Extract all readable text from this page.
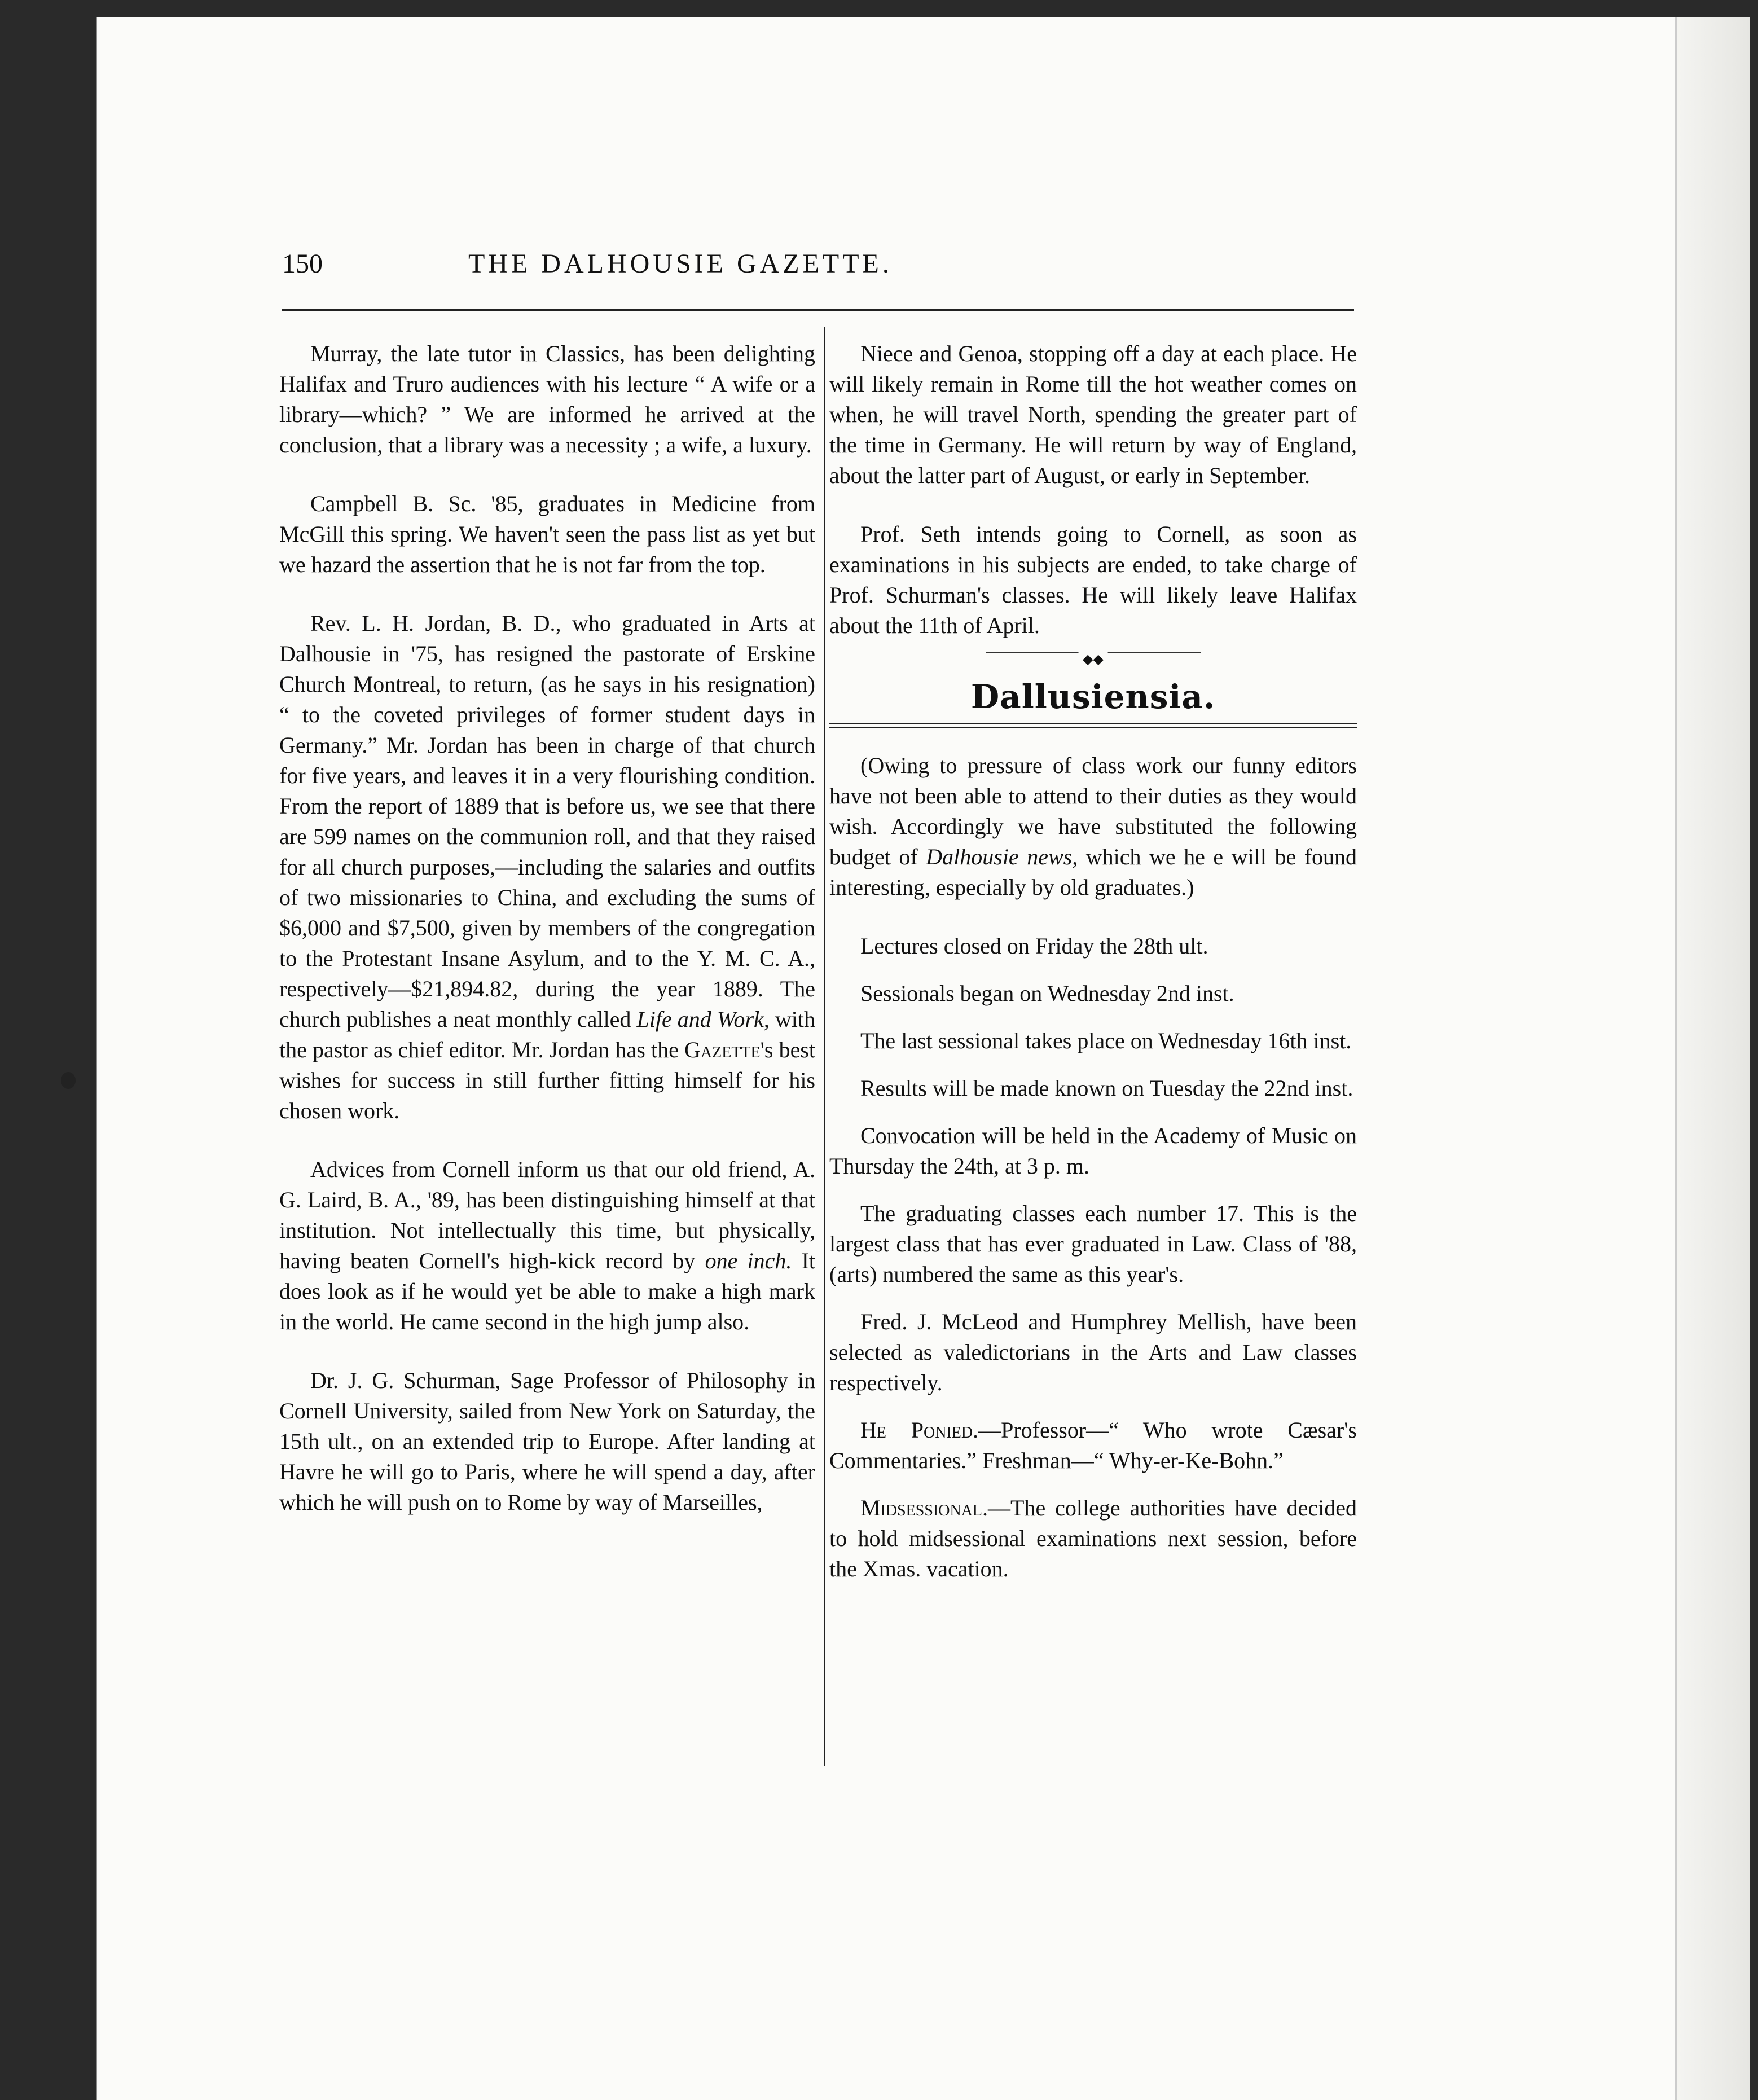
150	THE DALHOUSIE GAZETTE.

Murray, the late tutor in Classics, has been delighting Halifax and Truro audiences with his lecture “ A wife or a library—which? ” We are informed he arrived at the conclusion, that a library was a necessity ; a wife, a luxury.

Campbell B. Sc. '85, graduates in Medicine from McGill this spring. We haven't seen the pass list as yet but we hazard the assertion that he is not far from the top.

Rev. L. H. Jordan, B. D., who graduated in Arts at Dalhousie in '75, has resigned the pastorate of Erskine Church Montreal, to return, (as he says in his resignation) “ to the coveted privileges of former student days in Germany.” Mr. Jordan has been in charge of that church for five years, and leaves it in a very flourishing condition. From the report of 1889 that is before us, we see that there are 599 names on the communion roll, and that they raised for all church purposes,—including the salaries and outfits of two missionaries to China, and excluding the sums of $6,000 and $7,500, given by members of the congregation to the Protestant Insane Asylum, and to the Y. M. C. A., respectively—$21,894.82, during the year 1889. The church publishes a neat monthly called Life and Work, with the pastor as chief editor. Mr. Jordan has the Gazette's best wishes for success in still further fitting himself for his chosen work.

Advices from Cornell inform us that our old friend, A. G. Laird, B. A., '89, has been distinguishing himself at that institution. Not intellectually this time, but physically, having beaten Cornell's high-kick record by one inch. It does look as if he would yet be able to make a high mark in the world. He came second in the high jump also.

Dr. J. G. Schurman, Sage Professor of Philosophy in Cornell University, sailed from New York on Saturday, the 15th ult., on an extended trip to Europe. After landing at Havre he will go to Paris, where he will spend a day, after which he will push on to Rome by way of Marseilles,

Niece and Genoa, stopping off a day at each place. He will likely remain in Rome till the hot weather comes on when, he will travel North, spending the greater part of the time in Germany. He will return by way of England, about the latter part of August, or early in September.

Prof. Seth intends going to Cornell, as soon as examinations in his subjects are ended, to take charge of Prof. Schurman's classes. He will likely leave Halifax about the 11th of April.

◆◆
Dallusiensia.

(Owing to pressure of class work our funny editors have not been able to attend to their duties as they would wish. Accordingly we have substituted the following budget of Dalhousie news, which we he e will be found interesting, especially by old graduates.)

Lectures closed on Friday the 28th ult.

Sessionals began on Wednesday 2nd inst.

The last sessional takes place on Wednesday 16th inst.

Results will be made known on Tuesday the 22nd inst.

Convocation will be held in the Academy of Music on Thursday the 24th, at 3 p. m.

The graduating classes each number 17. This is the largest class that has ever graduated in Law. Class of '88, (arts) numbered the same as this year's.

Fred. J. McLeod and Humphrey Mellish, have been selected as valedictorians in the Arts and Law classes respectively.

He Ponied.—Professor—“ Who wrote Cæsar's Commentaries.” Freshman—“ Why-er-Ke-Bohn.”

Midsessional.—The college authorities have decided to hold midsessional examinations next session, before the Xmas. vacation.
